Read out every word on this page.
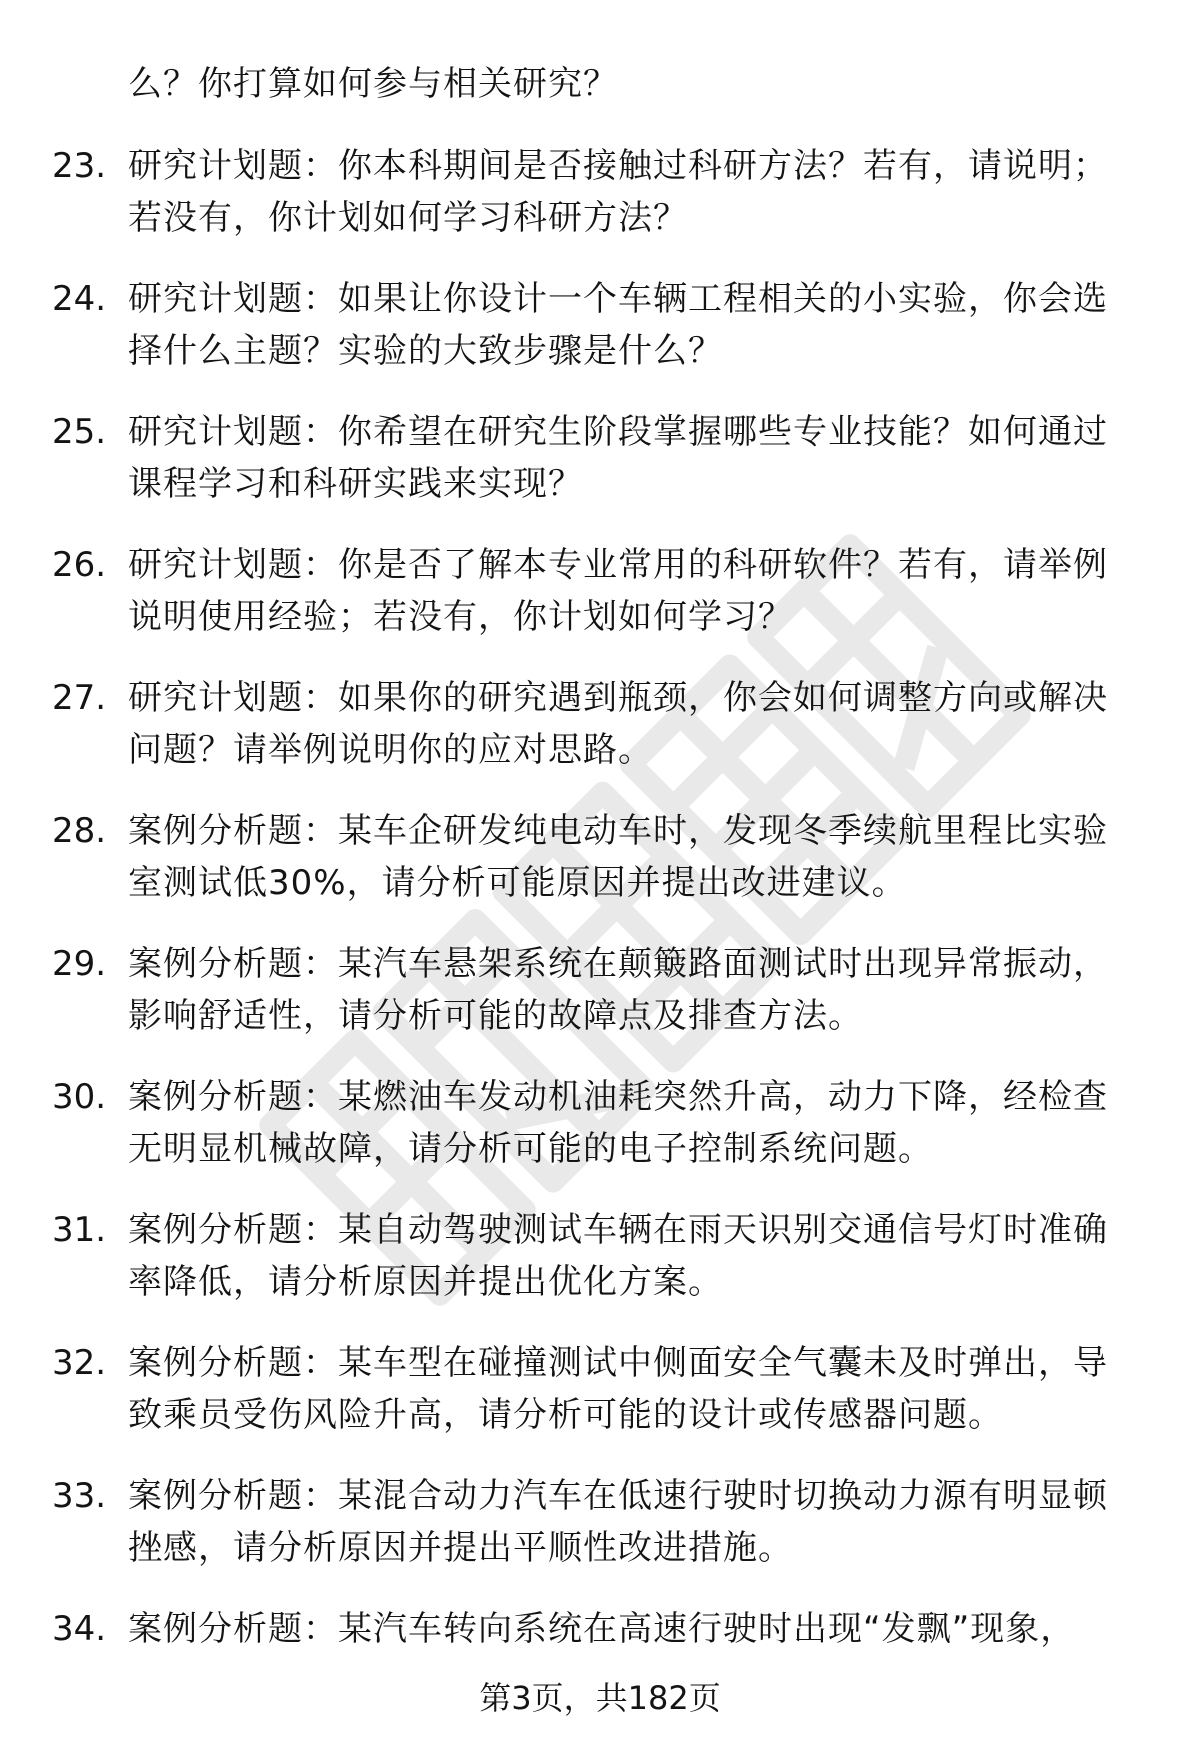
么？你打算如何参与相关研究？
23. 研究计划题：你本科期间是否接触过科研方法？若有，请说明；
若没有，你计划如何学习科研方法？
24. 研究计划题：如果让你设计一个车辆工程相关的小实验，你会选
择什么主题？实验的大致步骤是什么？
25. 研究计划题：你希望在研究生阶段掌握哪些专业技能？如何通过
课程学习和科研实践来实现？
26. 研究计划题：你是否了解本专业常用的科研软件？若有，请举例
说明使用经验；若没有，你计划如何学习？
27. 研究计划题：如果你的研究遇到瓶颈，你会如何调整方向或解决
问题？请举例说明你的应对思路。
28. 案例分析题：某车企研发纯电动车时，发现冬季续航里程比实验
室测试低30%，请分析可能原因并提出改进建议。
29. 案例分析题：某汽车悬架系统在颠簸路面测试时出现异常振动，
影响舒适性，请分析可能的故障点及排查方法。
30. 案例分析题：某燃油车发动机油耗突然升高，动力下降，经检查
无明显机械故障，请分析可能的电子控制系统问题。
31. 案例分析题：某自动驾驶测试车辆在雨天识别交通信号灯时准确
率降低，请分析原因并提出优化方案。
32. 案例分析题：某车型在碰撞测试中侧面安全气囊未及时弹出，导
致乘员受伤风险升高，请分析可能的设计或传感器问题。
33. 案例分析题：某混合动力汽车在低速行驶时切换动力源有明显顿
挫感，请分析原因并提出平顺性改进措施。
34. 案例分析题：某汽车转向系统在高速行驶时出现“发飘”现象，
第3页，共182页
